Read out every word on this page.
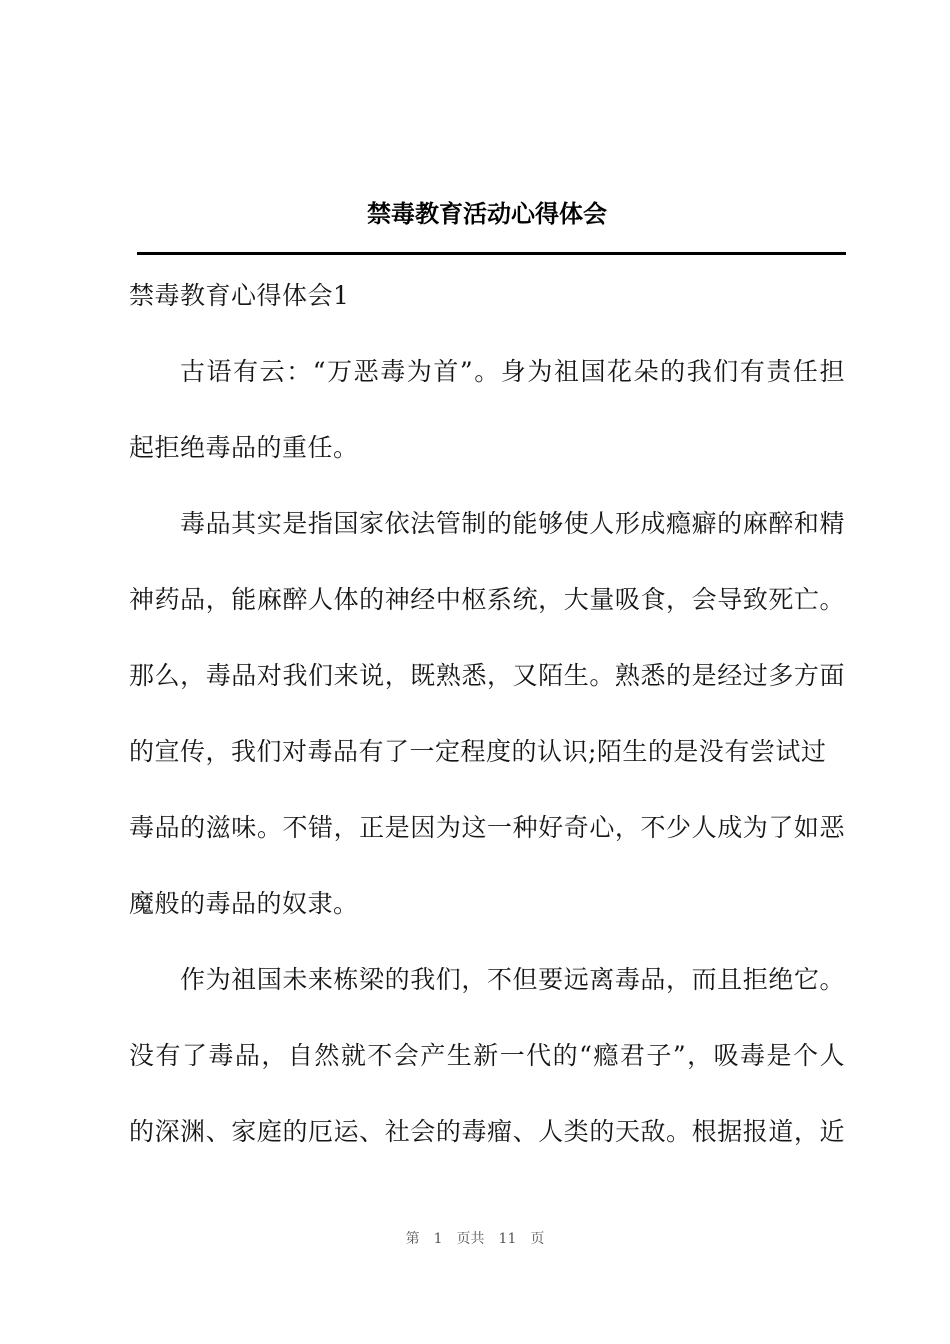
禁毒教育活动心得体会
禁毒教育心得体会1
古语有云：“万恶毒为首”。身为祖国花朵的我们有责任担
起拒绝毒品的重任。
毒品其实是指国家依法管制的能够使人形成瘾癖的麻醉和精
神药品，能麻醉人体的神经中枢系统，大量吸食，会导致死亡。
那么，毒品对我们来说，既熟悉，又陌生。熟悉的是经过多方面
的宣传，我们对毒品有了一定程度的认识;陌生的是没有尝试过
毒品的滋味。不错，正是因为这一种好奇心，不少人成为了如恶
魔般的毒品的奴隶。
作为祖国未来栋梁的我们，不但要远离毒品，而且拒绝它。
没有了毒品，自然就不会产生新一代的“瘾君子”，吸毒是个人
的深渊、家庭的厄运、社会的毒瘤、人类的天敌。根据报道，近
第 1 页共 11 页
